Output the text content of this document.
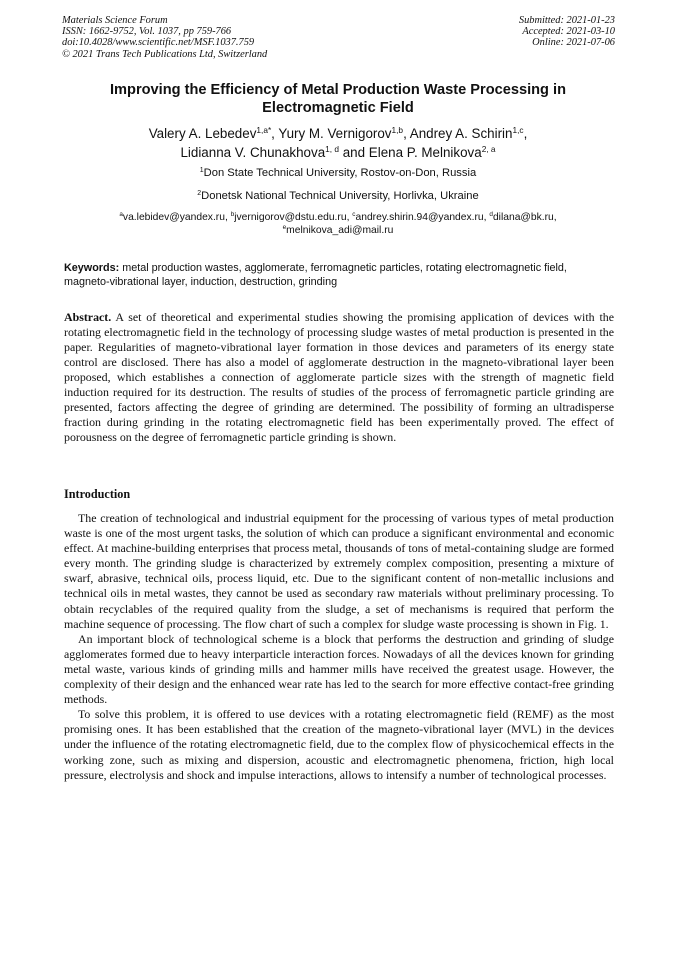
Materials Science Forum
ISSN: 1662-9752, Vol. 1037, pp 759-766
doi:10.4028/www.scientific.net/MSF.1037.759
© 2021 Trans Tech Publications Ltd, Switzerland
Submitted: 2021-01-23
Accepted: 2021-03-10
Online: 2021-07-06
Improving the Efficiency of Metal Production Waste Processing in Electromagnetic Field
Valery A. Lebedev$^{1,a*}$, Yury M. Vernigorov$^{1,b}$, Andrey A. Schirin$^{1,c}$,
Lidianna V. Chunakhova$^{1, d}$ and Elena P. Melnikova$^{2, a}$
$^1$Don State Technical University, Rostov-on-Don, Russia
$^2$Donetsk National Technical University, Horlivka, Ukraine
$^a$va.lebidev@yandex.ru, $^b$jvernigorov@dstu.edu.ru, $^c$andrey.shirin.94@yandex.ru, $^d$dilana@bk.ru,
$^e$melnikova_adi@mail.ru
Keywords: metal production wastes, agglomerate, ferromagnetic particles, rotating electromagnetic field, magneto-vibrational layer, induction, destruction, grinding
Abstract. A set of theoretical and experimental studies showing the promising application of devices with the rotating electromagnetic field in the technology of processing sludge wastes of metal production is presented in the paper. Regularities of magneto-vibrational layer formation in those devices and parameters of its energy state control are disclosed. There has also a model of agglomerate destruction in the magneto-vibrational layer been proposed, which establishes a connection of agglomerate particle sizes with the strength of magnetic field induction required for its destruction. The results of studies of the process of ferromagnetic particle grinding are presented, factors affecting the degree of grinding are determined. The possibility of forming an ultradisperse fraction during grinding in the rotating electromagnetic field has been experimentally proved. The effect of porousness on the degree of ferromagnetic particle grinding is shown.
Introduction

The creation of technological and industrial equipment for the processing of various types of metal production waste is one of the most urgent tasks, the solution of which can produce a significant environmental and economic effect. At machine-building enterprises that process metal, thousands of tons of metal-containing sludge are formed every month. The grinding sludge is characterized by extremely complex composition, presenting a mixture of swarf, abrasive, technical oils, process liquid, etc. Due to the significant content of non-metallic inclusions and technical oils in metal wastes, they cannot be used as secondary raw materials without preliminary processing. To obtain recyclables of the required quality from the sludge, a set of mechanisms is required that perform the machine sequence of processing. The flow chart of such a complex for sludge waste processing is shown in Fig. 1.

An important block of technological scheme is a block that performs the destruction and grinding of sludge agglomerates formed due to heavy interparticle interaction forces. Nowadays of all the devices known for grinding metal waste, various kinds of grinding mills and hammer mills have received the greatest usage. However, the complexity of their design and the enhanced wear rate has led to the search for more effective contact-free grinding methods.

To solve this problem, it is offered to use devices with a rotating electromagnetic field (REMF) as the most promising ones. It has been established that the creation of the magneto-vibrational layer (MVL) in the devices under the influence of the rotating electromagnetic field, due to the complex flow of physicochemical effects in the working zone, such as mixing and dispersion, acoustic and electromagnetic phenomena, friction, high local pressure, electrolysis and shock and impulse interactions, allows to intensify a number of technological processes.
